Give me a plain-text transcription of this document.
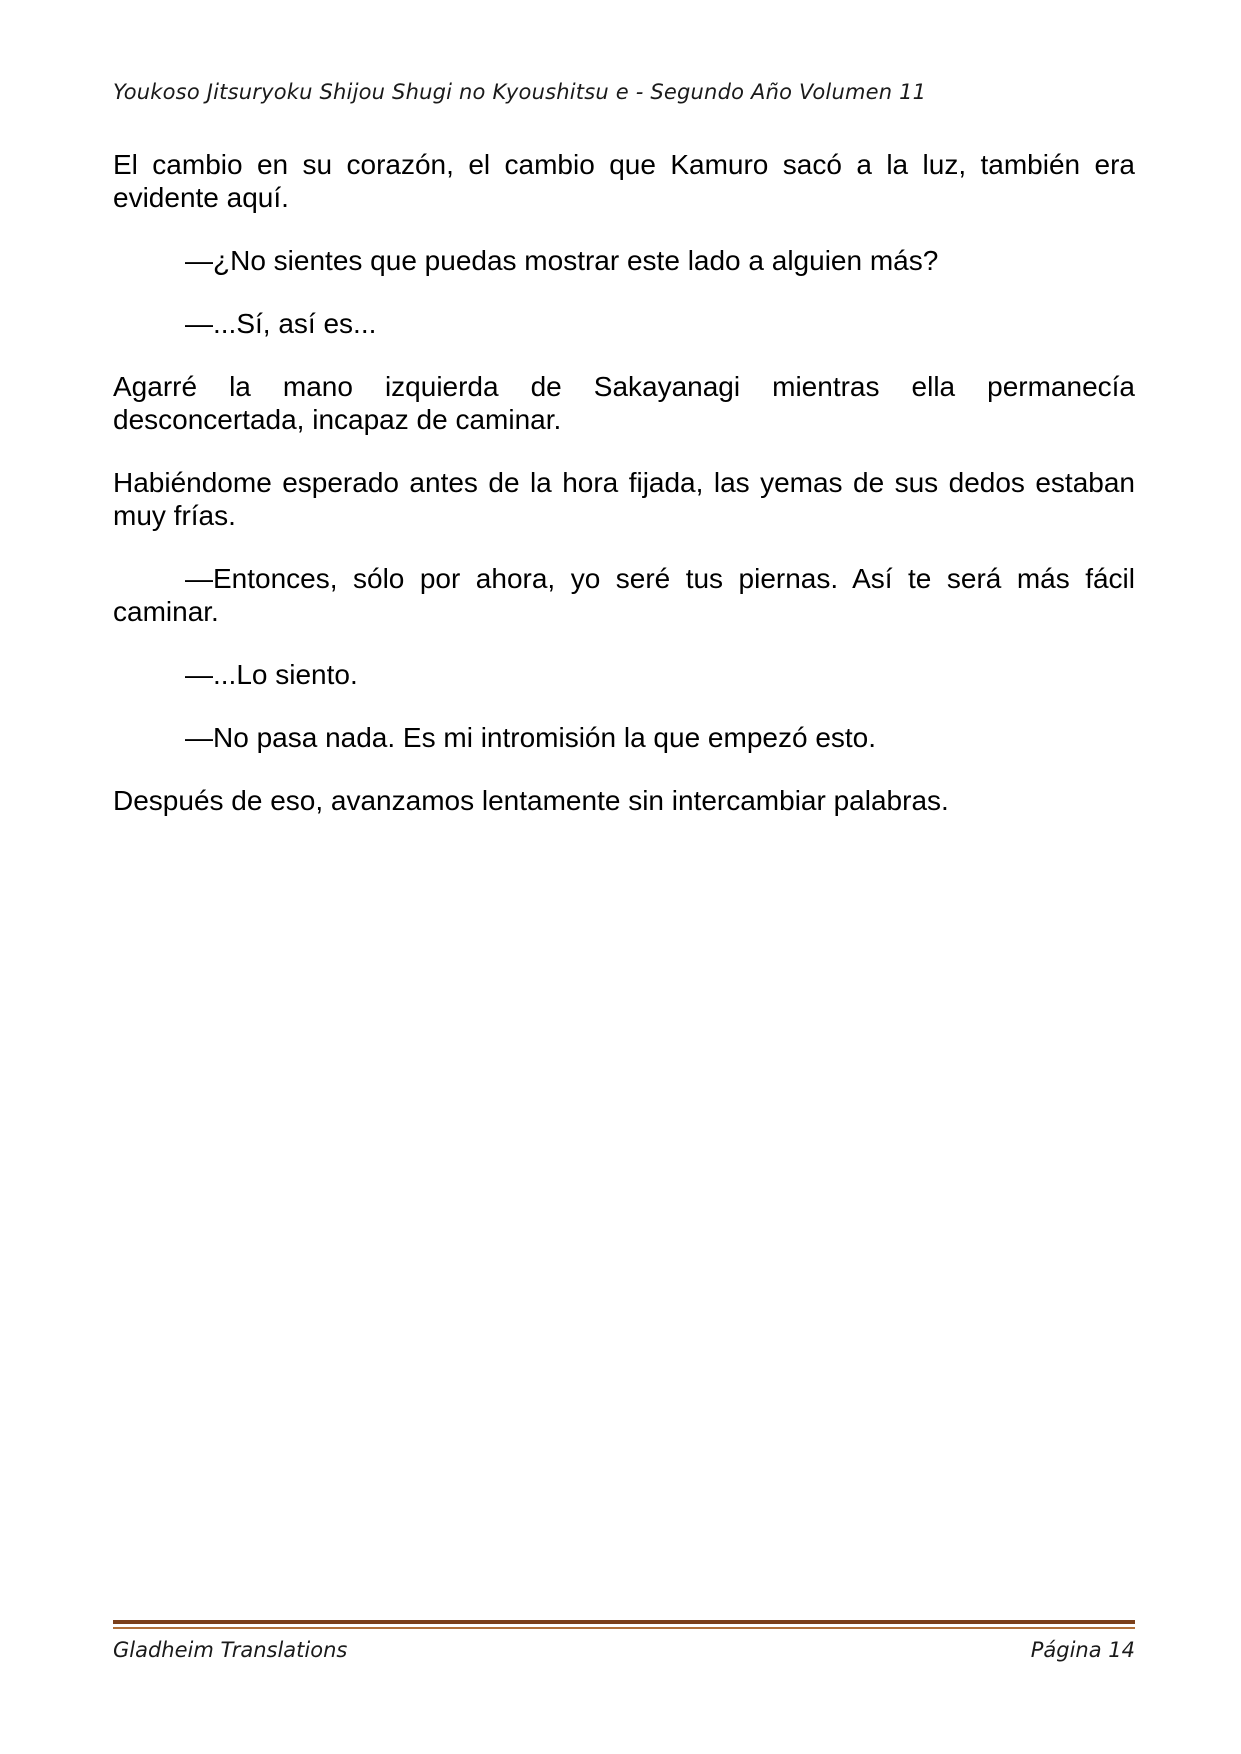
Youkoso Jitsuryoku Shijou Shugi no Kyoushitsu e - Segundo Año Volumen 11

El cambio en su corazón, el cambio que Kamuro sacó a la luz, también era evidente aquí.

—¿No sientes que puedas mostrar este lado a alguien más?

—...Sí, así es...

Agarré la mano izquierda de Sakayanagi mientras ella permanecía desconcertada, incapaz de caminar.

Habiéndome esperado antes de la hora fijada, las yemas de sus dedos estaban muy frías.

—Entonces, sólo por ahora, yo seré tus piernas. Así te será más fácil caminar.

—...Lo siento.

—No pasa nada. Es mi intromisión la que empezó esto.

Después de eso, avanzamos lentamente sin intercambiar palabras.

Gladheim Translations	Página 14
